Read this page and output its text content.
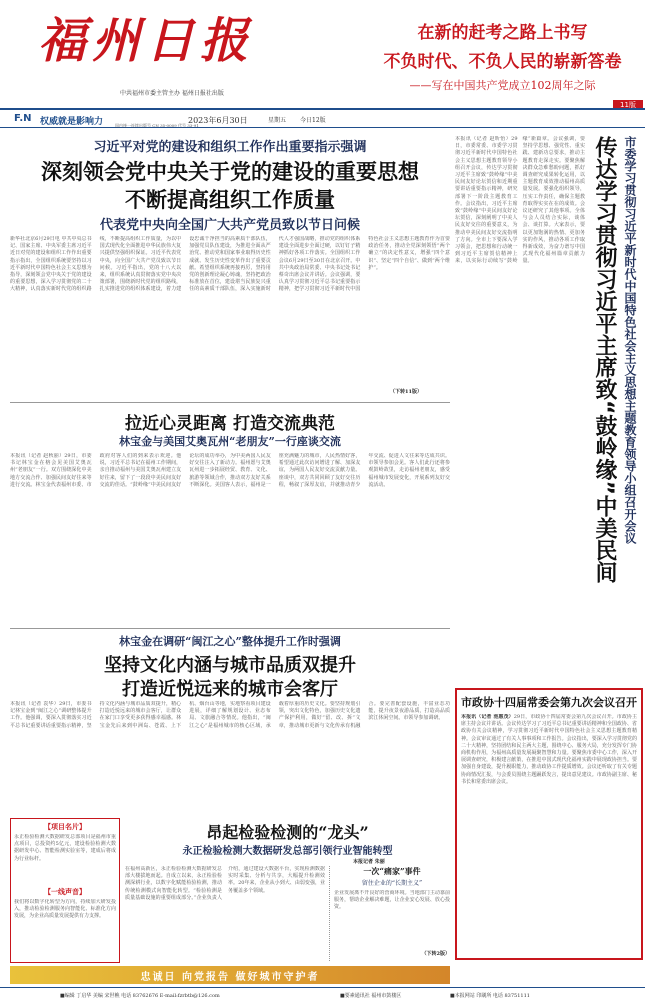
福州日报
中共福州市委主管主办 福州日报社出版
在新的赶考之路上书写
不负时代、不负人民的崭新答卷
——写在中国共产党成立102周年之际
11版
F.N 权威就是影响力	2023年6月30日	星期五 今日12版
国内统一连续出版号 CN 35-0009 代号 33-91
习近平对党的建设和组织工作作出重要指示强调
深刻领会党中央关于党的建设的重要思想
不断提高组织工作质量
代表党中央向全国广大共产党员致以节日问候
新华社北京6月29日电 中共中央总书记、国家主席、中央军委主席习近平近日对党的建设和组织工作作出重要指示指出，全国组织系统要坚持以习近平新时代中国特色社会主义思想为指导，深刻领会党中央关于党的建设的重要思想，深入学习贯彻党的二十大精神，认真落实新时代党的组织路线，不断提高组织工作质量，为以中国式现代化全面推进中华民族伟大复兴提供坚强组织保证。习近平代表党中央，向全国广大共产党员致以节日问候。习近平指出，党的十八大以来，组织系统认真贯彻落实党中央决策部署，围绕新时代党的组织路线，扎实推进党的组织体系建设，着力建设忠诚干净担当的高素质干部队伍，加强党员队伍建设，为推进全面从严治党、推动党和国家事业取得历史性成就、发生历史性变革作出了重要贡献。希望组织系统再接再厉，坚持用党的创新理论凝心铸魂，坚持把政治标准放在首位，建设堪当民族复兴重任的高素质干部队伍，深入实施新时代人才强国战略，推动党的组织体系建设全面进步全面过硬，以钉钉子精神抓好各项工作落实。全国组织工作会议6月29日至30日在北京召开。中共中央政治局常委、中央书记处书记蔡奇出席会议并讲话。会议强调，要认真学习贯彻习近平总书记重要指示精神，把学习贯彻习近平新时代中国特色社会主义思想主题教育作为首要政治任务，推动全党深刻领悟“两个确立”的决定性意义，增强“四个意识”、坚定“四个自信”、做到“两个维护”。
（下转11版）
拉近心灵距离 打造交流典范
林宝金与美国艾奥瓦州“老朋友”一行座谈交流
本报讯（记者 赵秋丽）29日，市委书记林宝金在榕会见美国艾奥瓦州“老朋友”一行。双方围绕深化中美地方交流合作、加强民间友好往来等进行交流。林宝金代表福州市委、市政府对客人们的到来表示欢迎。他说，习近平总书记在福州工作期间，亲自推动福州与美国艾奥瓦州建立友好往来，留下了一段段中美民间友好交流的佳话。“鼓岭缘”中美民间友好论坛的成功举办，为中美两国人民友好交往注入了新动力。福州愿与艾奥瓦州进一步拓展经贸、教育、文化、旅游等领域合作，推动双方友好关系不断深化。美国客人表示，福州是一座充满魅力的城市，人民热情好客，希望通过此次访问增进了解、加深友谊，为两国人民友好交流贡献力量。座谈中，双方共同回顾了友好交往历程，畅叙了深厚友谊，并就推动青少年交流、促进人文往来等达成共识。市领导参加会见。客人们此行还将参观鼓岭故里，走访福州老朋友，感受福州城市发展变化，开展系列友好交流活动。
林宝金在调研“闽江之心”整体提升工作时强调
坚持文化内涵与城市品质双提升
打造近悦远来的城市会客厅
本报讯（记者 袁华）29日，市委书记林宝金到“闽江之心”调研整体提升工作。他强调，要深入贯彻落实习近平总书记重要讲话重要指示精神，坚持文化内涵与城市品质双提升，精心打造近悦远来的城市会客厅，让群众在家门口享受更多获得感幸福感。林宝金先后来到中洲岛、苍霞、上下杭、烟台山等地，实地察看项目建设进展，详细了解规划设计、业态布局、文旅融合等情况。他指出，“闽江之心”是福州城市的核心区域，承载着厚重的历史文化。要坚持规划引领，突出文化特色，加强历史文化遗产保护利用，做好“留、改、拆”文章，推动城市更新与文化传承有机融合。要完善配套设施，丰富业态功能，提升夜景夜游品质，打造高品质滨江休闲空间。市领导参加调研。
【项目名片】
永正检验检测大数据研发总部项目是福州市重点项目，总投资约5亿元，建设检验检测大数据研发中心、智能检测实验室等，建成后将成为行业标杆。
【一线声音】
我们将以数字化转型为方向，持续加大研发投入，推动检验检测服务向智能化、标准化方向发展，为企业高质量发展提供有力支撑。
昂起检验检测的“龙头”
永正检验检测大数据研发总部引领行业智能转型
本报记者 朱丽
在福州高新区，永正检验检测大数据研发总部大楼拔地而起。自成立以来，永正检验检测深耕行业，以数字化赋能检验检测，推动传统检测模式向智能化转型。“检验检测是质量基础设施的重要组成部分。”企业负责人介绍，通过建设大数据平台，实现检测数据实时采集、分析与共享，大幅提升检测效率。20年来，企业从小到大、由弱变强，业务覆盖多个领域。
一次“痛家”事件
留住企业的“长期主义”
企业发展离不开良好的营商环境。当地部门主动靠前服务，帮助企业解决难题，让企业安心发展、放心投资。
（下转2版）
忠诚日 向党报告 做好城市守护者
本报讯（记者 赵昕怡）29日，市委常委、市委学习贯彻习近平新时代中国特色社会主义思想主题教育领导小组召开会议，传达学习贯彻习近平主席致“鼓岭缘”中美民间友好论坛贺信和近期重要讲话重要指示精神，研究部署下一阶段主题教育工作。会议指出，习近平主席致“鼓岭缘”中美民间友好论坛贺信，深刻阐明了中美人民友好交往的重要意义，为推动中美民间友好交流指明了方向。全市上下要深入学习领会，把思想和行动统一到习近平主席贺信精神上来，以实际行动续写“鼓岭缘”新篇章。会议强调，要坚持学思想、强党性、重实践、建新功总要求，推动主题教育走深走实。要聚焦解决群众急难愁盼问题，抓好调查研究成果转化运用，以主题教育成效推动福州高质量发展。要强化组织领导，压实工作责任，确保主题教育取得实实在在的成效。会议还研究了其他事项。全体与会人员结合实际，谈体会、谈打算。大家表示，要以更加饱满的热情、更加务实的作风，推动各项工作取得新成效，为奋力谱写中国式现代化福州篇章贡献力量。	传达学习贯彻习近平主席致“鼓岭缘”中美民间 市委学习贯彻习近平新时代中国特色社会主义思想主题教育领导小组召开会议
市政协十四届常委会第九次会议召开
本报讯（记者 池惠茂）29日，市政协十四届常委会第九次会议召开。市政协主席主持会议并讲话。会议传达学习了习近平总书记重要讲话精神和全国政协、省政协有关会议精神，学习贯彻习近平新时代中国特色社会主义思想主题教育精神。会议审议通过了有关人事事项和工作报告。会议指出，要深入学习贯彻党的二十大精神，坚持团结和民主两大主题，围绕中心、服务大局，充分发挥专门协商机构作用，为福州高质量发展凝聚智慧和力量。要聚焦市委中心工作，深入开展调查研究，积极建言献策，在推进中国式现代化福州实践中展现政协担当。要加强自身建设，提升履职能力，推动政协工作提质增效。会议还听取了有关专题协商情况汇报，与会委员围绕主题踊跃发言，提出意见建议。市政协副主席、秘书长和常委出席会议。
■编辑 丁启华 美编 宋世樵 电话 83762676 E-mail:fzrbtb@126.com	■要素通讯社 福州市鼓楼区	■本报网站 印刷所 电话 83751111
